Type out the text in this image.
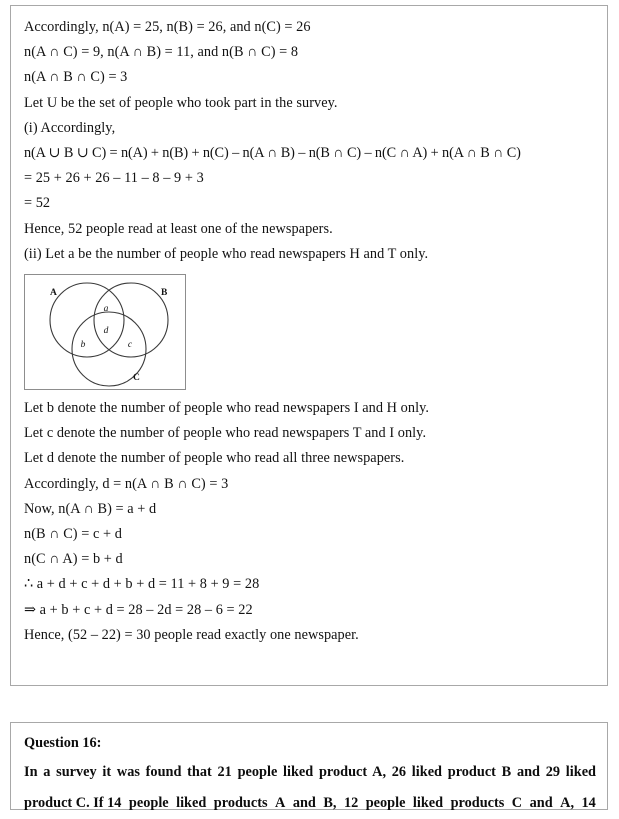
Accordingly, n(A) = 25, n(B) = 26, and n(C) = 26
n(A ∩ C) = 9, n(A ∩ B) = 11, and n(B ∩ C) = 8
n(A ∩ B ∩ C) = 3
Let U be the set of people who took part in the survey.
(i) Accordingly,
n(A ∪ B ∪ C) = n(A) + n(B) + n(C) – n(A ∩ B) – n(B ∩ C) – n(C ∩ A) + n(A ∩ B ∩ C)
= 25 + 26 + 26 – 11 – 8 – 9 + 3
= 52
Hence, 52 people read at least one of the newspapers.
(ii) Let a be the number of people who read newspapers H and T only.
A	B
C
a
d
b	c
Let b denote the number of people who read newspapers I and H only.
Let c denote the number of people who read newspapers T and I only.
Let d denote the number of people who read all three newspapers.
Accordingly, d = n(A ∩ B ∩ C) = 3
Now, n(A ∩ B) = a + d
n(B ∩ C) = c + d
n(C ∩ A) = b + d
∴ a + d + c + d + b + d = 11 + 8 + 9 = 28
⇒ a + b + c + d = 28 – 2d = 28 – 6 = 22
Hence, (52 – 22) = 30 people read exactly one newspaper.
Question 16:
In a survey it was found that 21 people liked product A, 26 liked product B and 29 liked
product C. If 14 people liked products A and B, 12 people liked products C and A, 14
